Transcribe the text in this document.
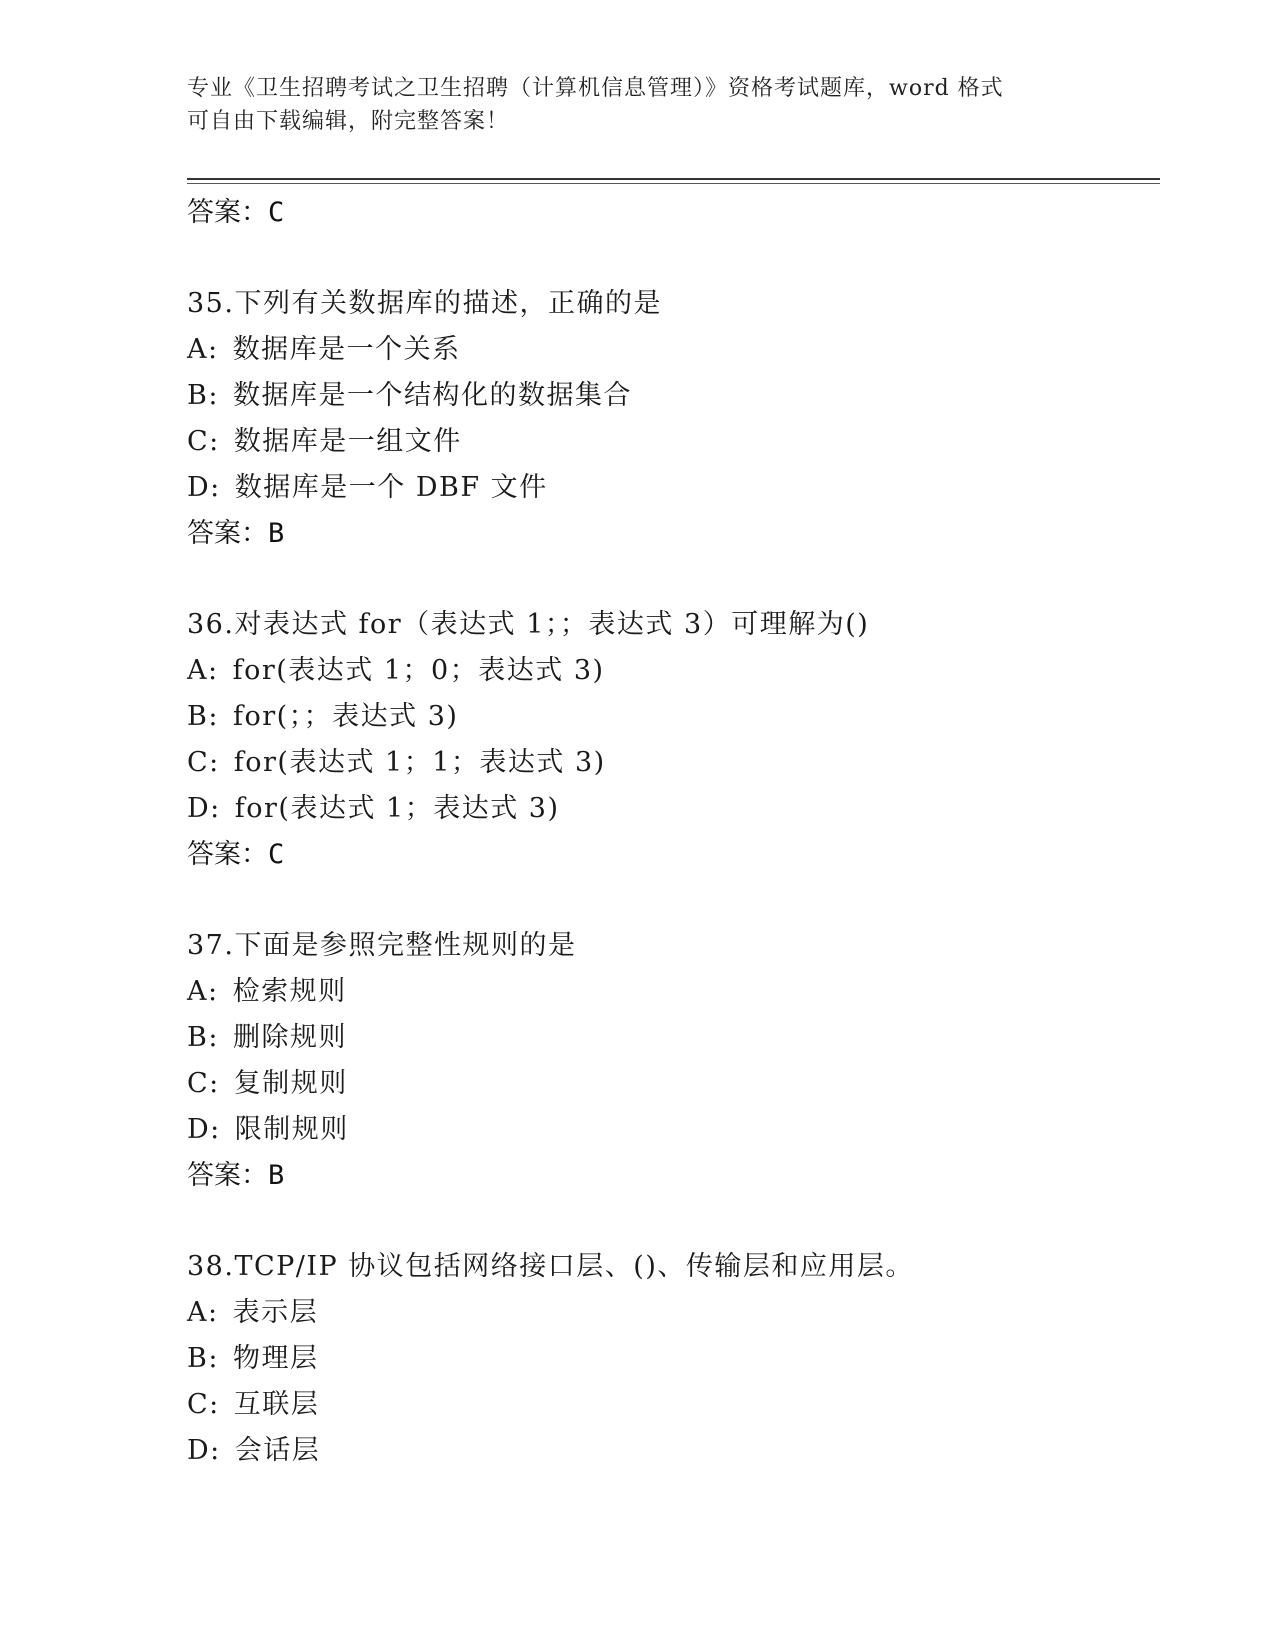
专业《卫生招聘考试之卫生招聘（计算机信息管理）》资格考试题库，word 格式
可自由下载编辑，附完整答案！
答案：C
35.下列有关数据库的描述，正确的是
A: 数据库是一个关系
B: 数据库是一个结构化的数据集合
C: 数据库是一组文件
D: 数据库是一个 DBF 文件
答案：B
36.对表达式 for（表达式 1；；表达式 3）可理解为()
A: for(表达式 1；0；表达式 3)
B: for(；；表达式 3)
C: for(表达式 1；1；表达式 3)
D: for(表达式 1；表达式 3)
答案：C
37.下面是参照完整性规则的是
A: 检索规则
B: 删除规则
C: 复制规则
D: 限制规则
答案：B
38.TCP/IP 协议包括网络接口层、()、传输层和应用层。
A: 表示层
B: 物理层
C: 互联层
D: 会话层
